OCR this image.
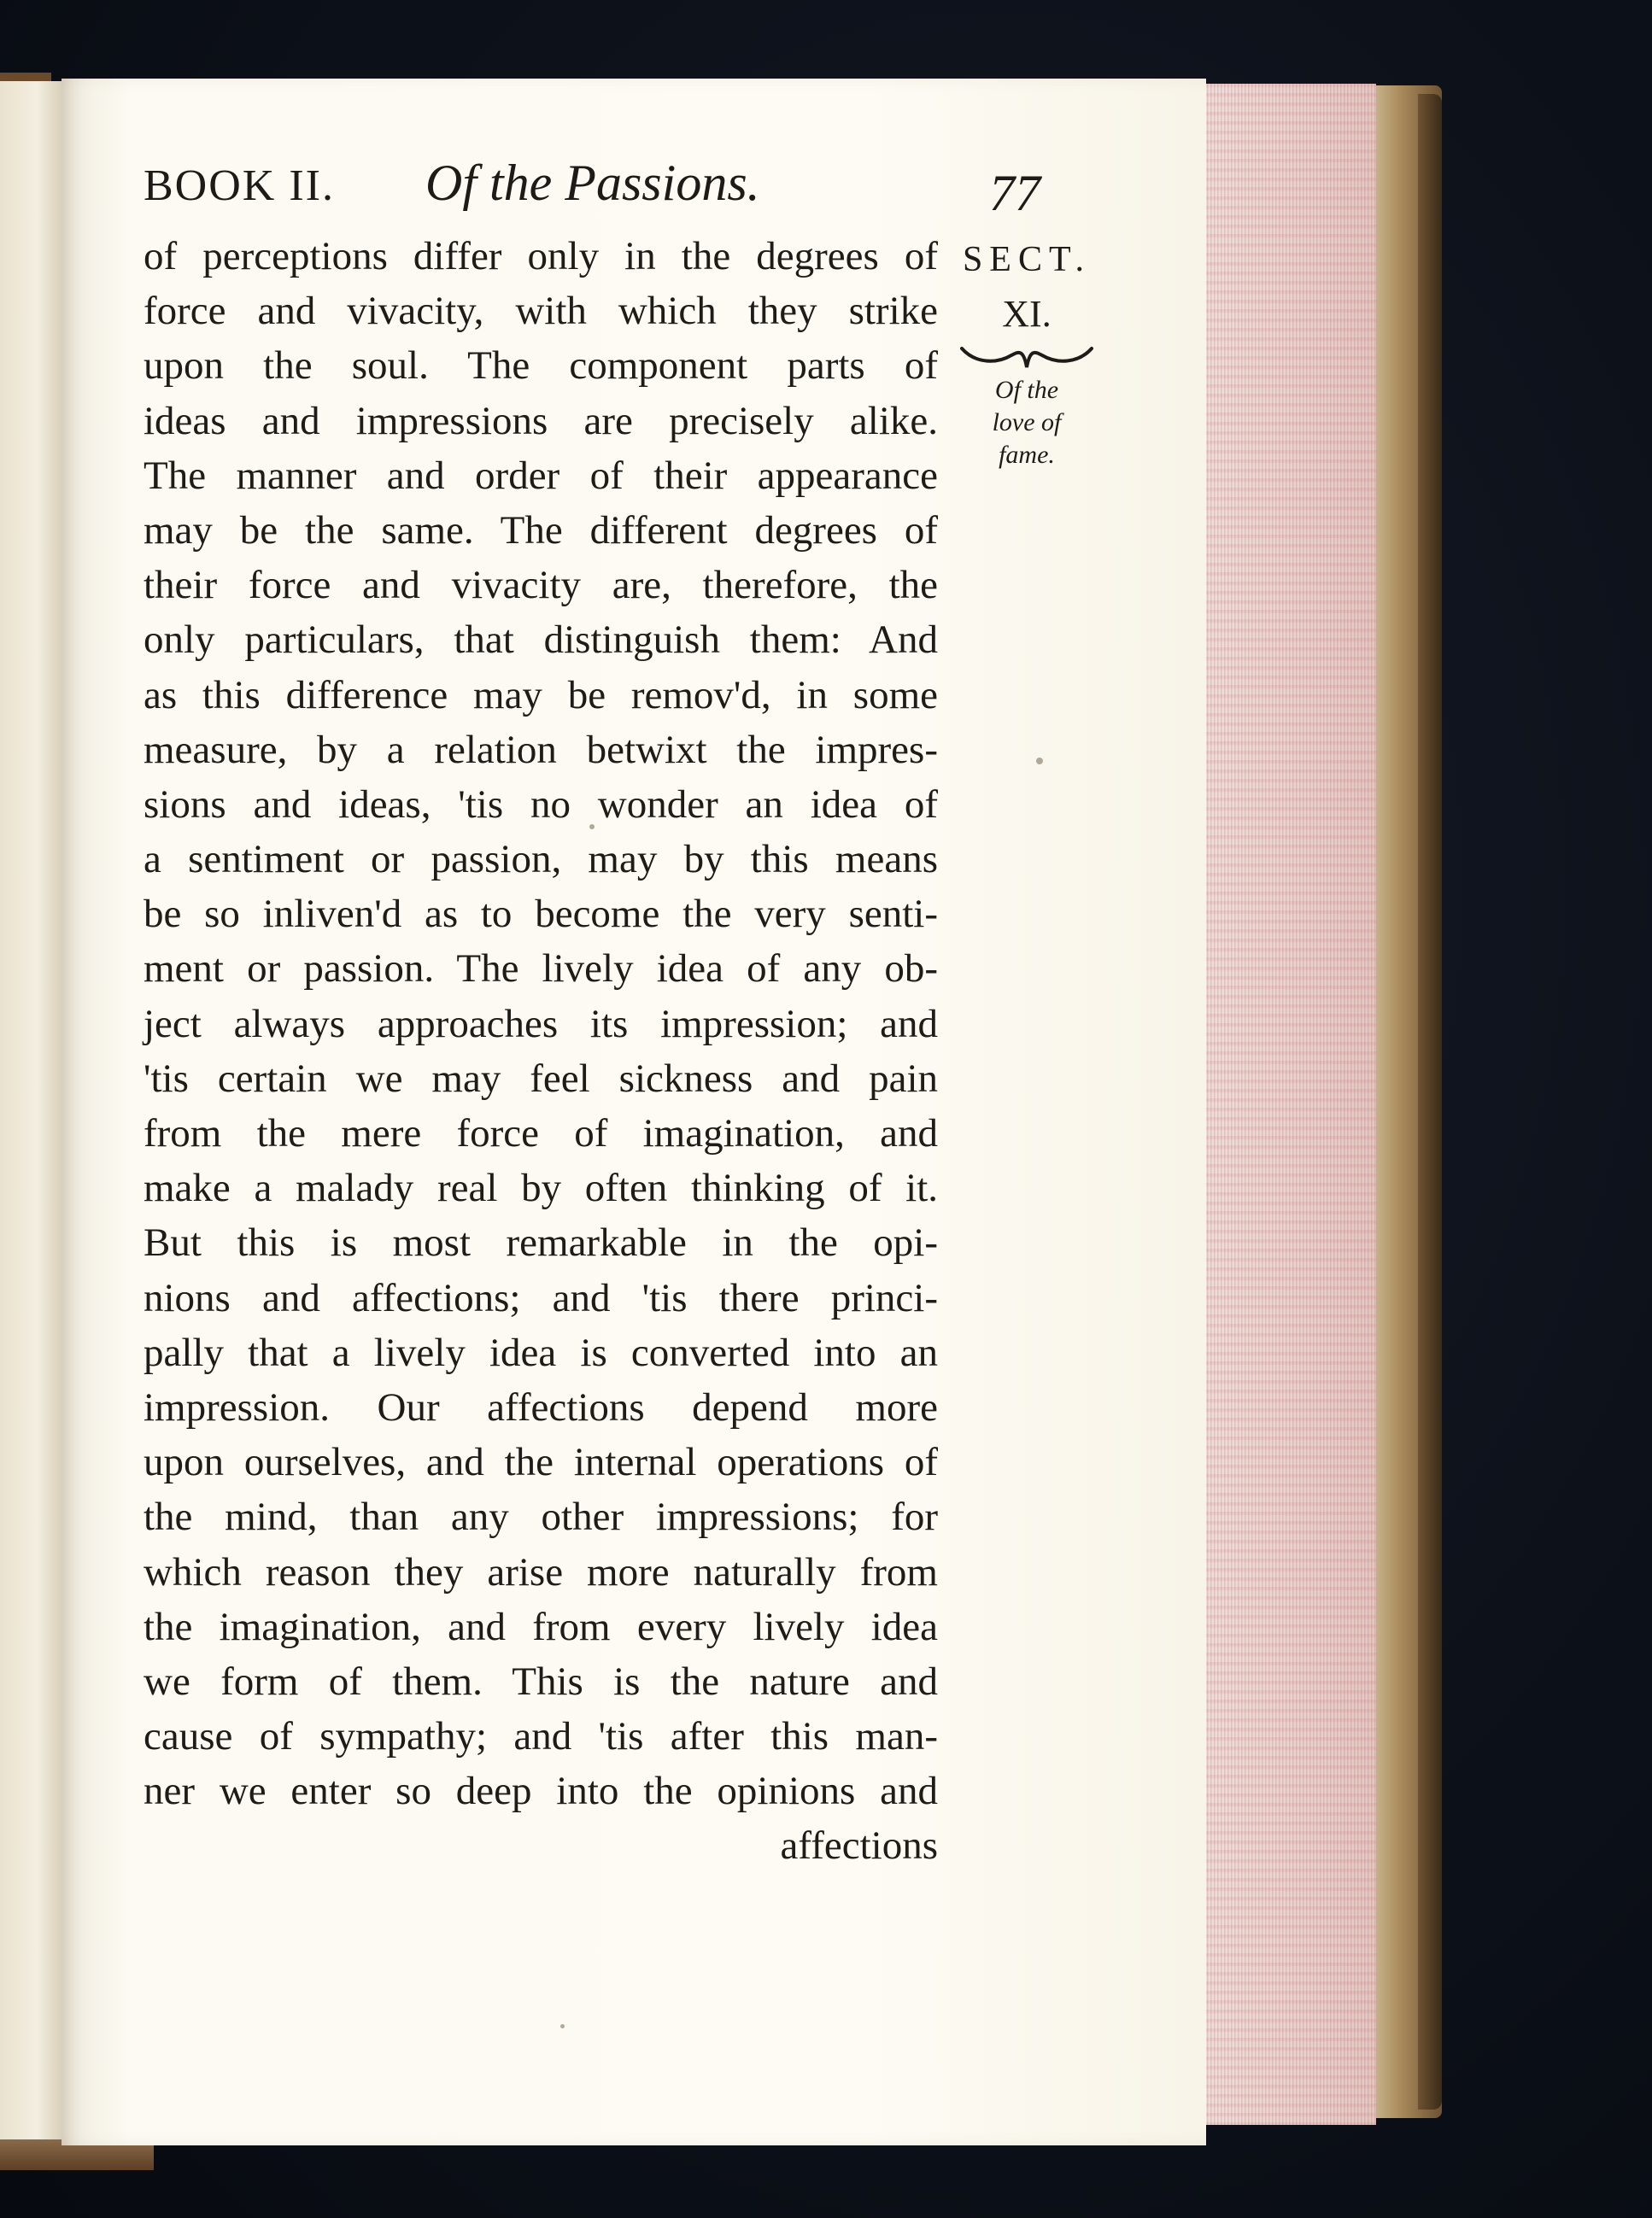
BOOK II. Of the Passions.	77
SECT.
XI.
Of the
love of
fame.
of perceptions differ only in the degrees of
force and vivacity, with which they strike
upon the soul. The component parts of
ideas and impressions are precisely alike.
The manner and order of their appearance
may be the same. The different degrees of
their force and vivacity are, therefore, the
only particulars, that distinguish them: And
as this difference may be remov'd, in some
measure, by a relation betwixt the impres-
sions and ideas, 'tis no wonder an idea of
a sentiment or passion, may by this means
be so inliven'd as to become the very senti-
ment or passion. The lively idea of any ob-
ject always approaches its impression; and
'tis certain we may feel sickness and pain
from the mere force of imagination, and
make a malady real by often thinking of it.
But this is most remarkable in the opi-
nions and affections; and 'tis there princi-
pally that a lively idea is converted into an
impression. Our affections depend more
upon ourselves, and the internal operations of
the mind, than any other impressions; for
which reason they arise more naturally from
the imagination, and from every lively idea
we form of them. This is the nature and
cause of sympathy; and 'tis after this man-
ner we enter so deep into the opinions and
affections
